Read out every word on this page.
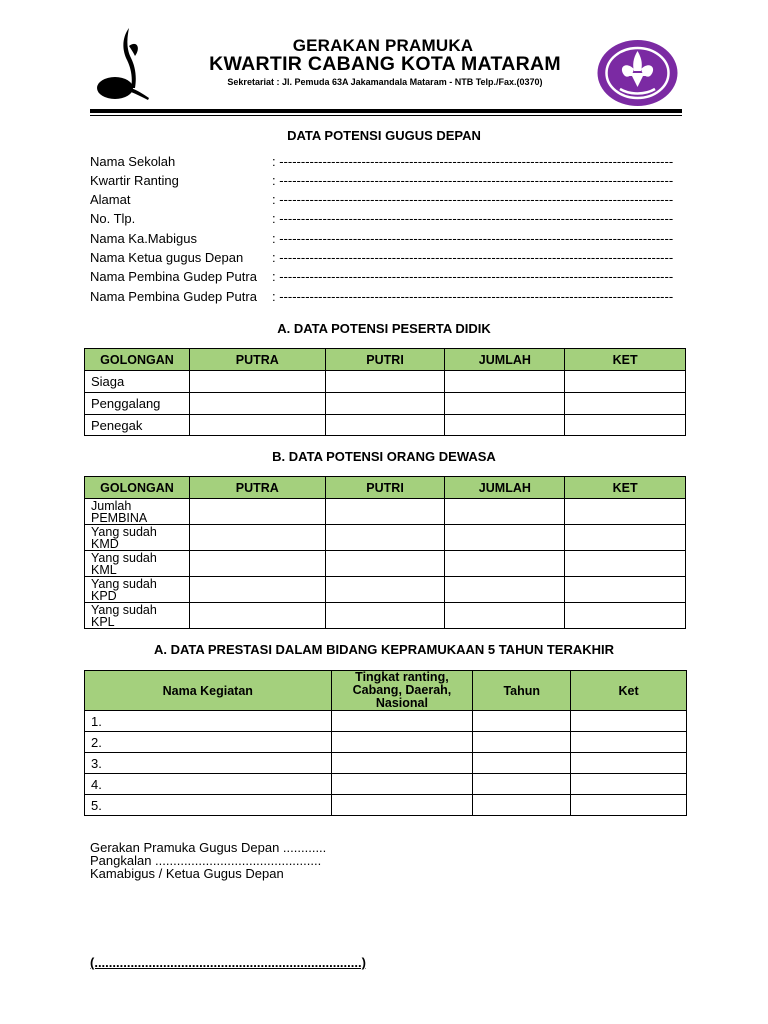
GERAKAN PRAMUKA
KWARTIR CABANG KOTA MATARAM
Sekretariat : Jl. Pemuda 63A Jakamandala Mataram - NTB Telp./Fax.(0370)
DATA POTENSI GUGUS DEPAN
Nama Sekolah	: -------------------------------------------------------------------------------------------
Kwartir Ranting	: -------------------------------------------------------------------------------------------
Alamat	: -------------------------------------------------------------------------------------------
No. Tlp.	: -------------------------------------------------------------------------------------------
Nama Ka.Mabigus	: -------------------------------------------------------------------------------------------
Nama Ketua gugus Depan : -------------------------------------------------------------------------------------------
Nama Pembina Gudep Putra : -------------------------------------------------------------------------------------------
Nama Pembina Gudep Putra : -------------------------------------------------------------------------------------------
A. DATA POTENSI PESERTA DIDIK
GOLONGAN	PUTRA	PUTRI	JUMLAH	KET
Siaga				
Penggalang				
Penegak				
B. DATA POTENSI ORANG DEWASA
GOLONGAN	PUTRA	PUTRI	JUMLAH	KET
Jumlah
PEMBINA				
Yang sudah
KMD				
Yang sudah
KML				
Yang sudah
KPD				
Yang sudah
KPL				
A. DATA PRESTASI DALAM BIDANG KEPRAMUKAAN 5 TAHUN TERAKHIR
Nama Kegiatan	Tingkat ranting,
Cabang, Daerah,
Nasional	Tahun	Ket
1.			
2.			
3.			
4.			
5.			
Gerakan Pramuka Gugus Depan ............
Pangkalan ..............................................
Kamabigus / Ketua Gugus Depan
(..........................................................................)
